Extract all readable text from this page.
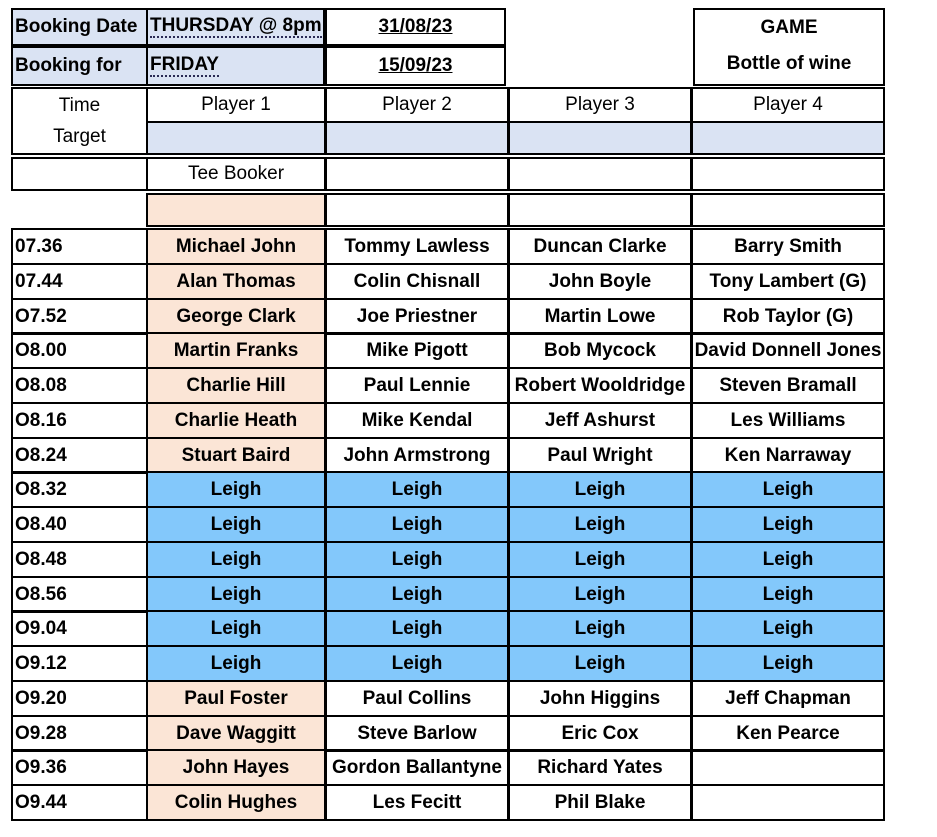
Booking Date THURSDAY @ 8pm	31/08/23	GAME
Booking for FRIDAY	15/09/23	Bottle of wine
Time	Player 1	Player 2	Player 3	Player 4
Target
Tee Booker
07.36	Michael John	Tommy Lawless	Duncan Clarke	Barry Smith
07.44	Alan Thomas	Colin Chisnall	John Boyle	Tony Lambert (G)
O7.52	George Clark	Joe Priestner	Martin Lowe	Rob Taylor (G)
O8.00	Martin Franks	Mike Pigott	Bob Mycock	David Donnell Jones
O8.08	Charlie Hill	Paul Lennie	Robert Wooldridge	Steven Bramall
O8.16	Charlie Heath	Mike Kendal	Jeff Ashurst	Les Williams
O8.24	Stuart Baird	John Armstrong	Paul Wright	Ken Narraway
O8.32	Leigh	Leigh	Leigh	Leigh
O8.40	Leigh	Leigh	Leigh	Leigh
O8.48	Leigh	Leigh	Leigh	Leigh
O8.56	Leigh	Leigh	Leigh	Leigh
O9.04	Leigh	Leigh	Leigh	Leigh
O9.12	Leigh	Leigh	Leigh	Leigh
O9.20	Paul Foster	Paul Collins	John Higgins	Jeff Chapman
O9.28	Dave Waggitt	Steve Barlow	Eric Cox	Ken Pearce
O9.36	John Hayes	Gordon Ballantyne	Richard Yates
O9.44	Colin Hughes	Les Fecitt	Phil Blake
